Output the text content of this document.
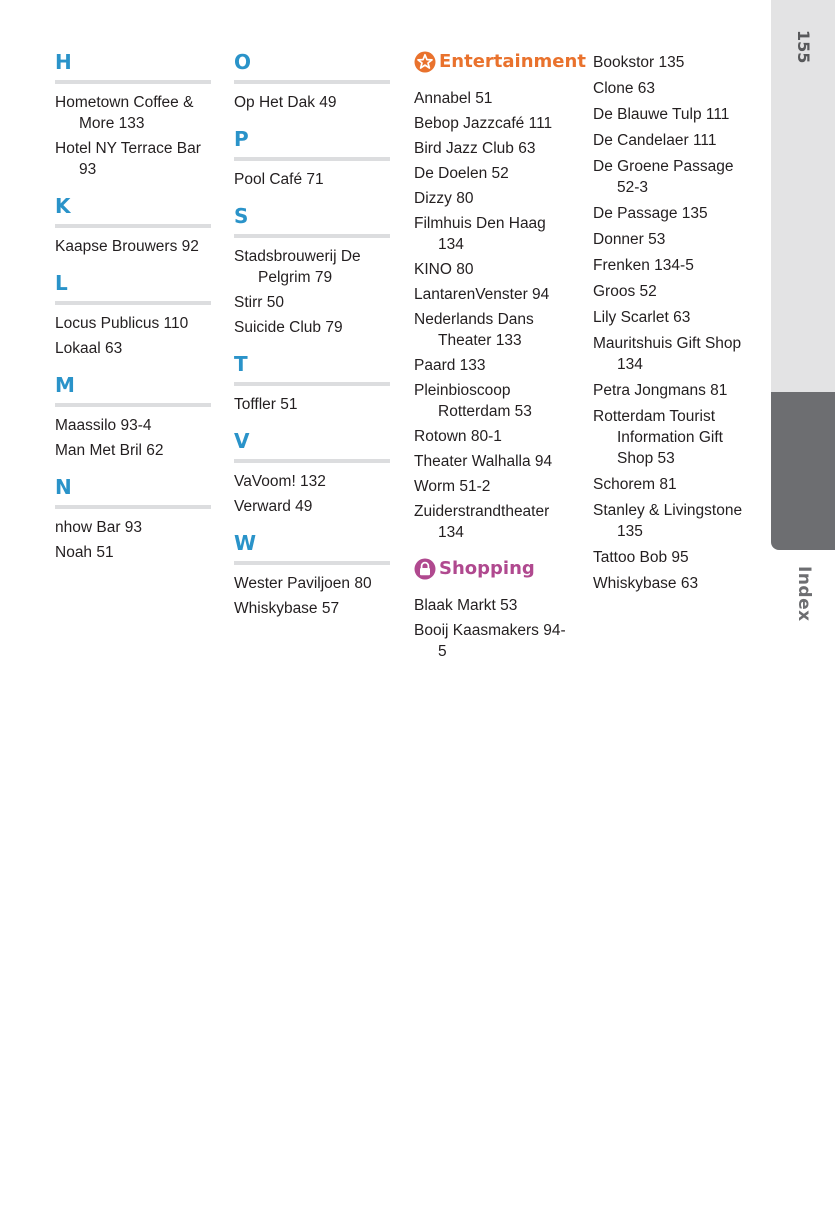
H
Hometown Coffee & More 133
Hotel NY Terrace Bar 93
K
Kaapse Brouwers 92
L
Locus Publicus 110
Lokaal 63
M
Maassilo 93-4
Man Met Bril 62
N
nhow Bar 93
Noah 51
O
Op Het Dak 49
P
Pool Café 71
S
Stadsbrouwerij De Pelgrim 79
Stirr 50
Suicide Club 79
T
Toffler 51
V
VaVoom! 132
Verward 49
W
Wester Paviljoen 80
Whiskybase 57
Entertainment
Annabel 51
Bebop Jazzcafé 111
Bird Jazz Club 63
De Doelen 52
Dizzy 80
Filmhuis Den Haag 134
KINO 80
LantarenVenster 94
Nederlands Dans Theater 133
Paard 133
Pleinbioscoop Rotterdam 53
Rotown 80-1
Theater Walhalla 94
Worm 51-2
Zuiderstrandtheater 134
Shopping
Blaak Markt 53
Booij Kaasmakers 94-5
Bookstor 135
Clone 63
De Blauwe Tulp 111
De Candelaer 111
De Groene Passage 52-3
De Passage 135
Donner 53
Frenken 134-5
Groos 52
Lily Scarlet 63
Mauritshuis Gift Shop 134
Petra Jongmans 81
Rotterdam Tourist Information Gift Shop 53
Schorem 81
Stanley & Livingstone 135
Tattoo Bob 95
Whiskybase 63
155
Index
